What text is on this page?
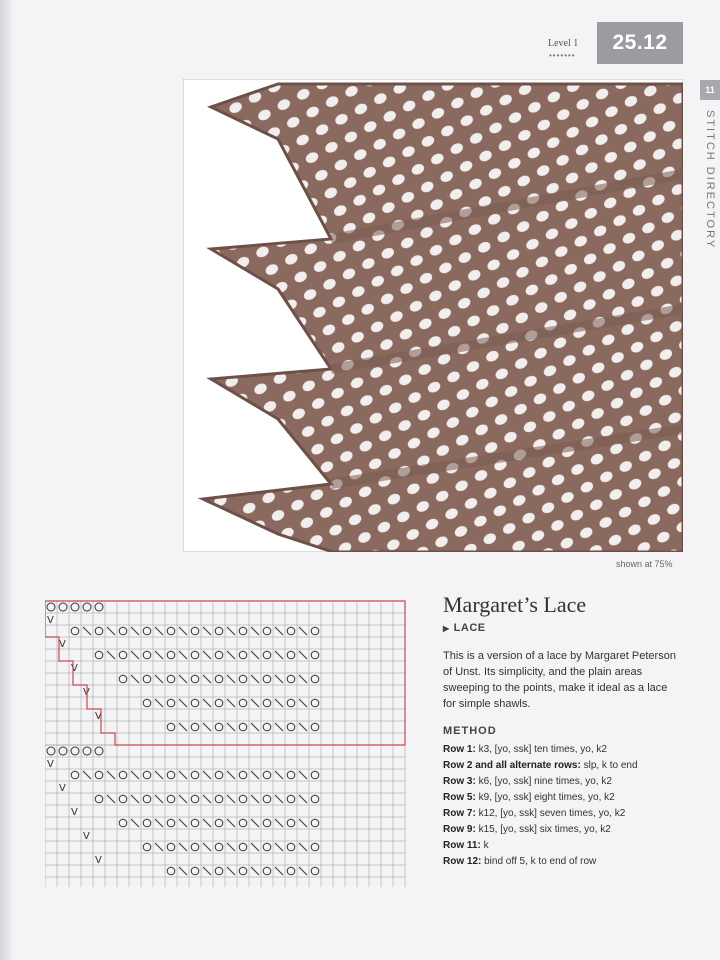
Level 1
•••••••
25.12
11
STITCH DIRECTORY
shown at 75%
V
V
V
V
V
V
V
V
V
V
Margaret’s Lace
▶ LACE
This is a version of a lace by Margaret Peterson of Unst. Its simplicity, and the plain areas sweeping to the points, make it ideal as a lace for simple shawls.
METHOD
Row 1: k3, [yo, ssk] ten times, yo, k2
Row 2 and all alternate rows: slp, k to end
Row 3: k6, [yo, ssk] nine times, yo, k2
Row 5: k9, [yo, ssk] eight times, yo, k2
Row 7: k12, [yo, ssk] seven times, yo, k2
Row 9: k15, [yo, ssk] six times, yo, k2
Row 11: k
Row 12: bind off 5, k to end of row
